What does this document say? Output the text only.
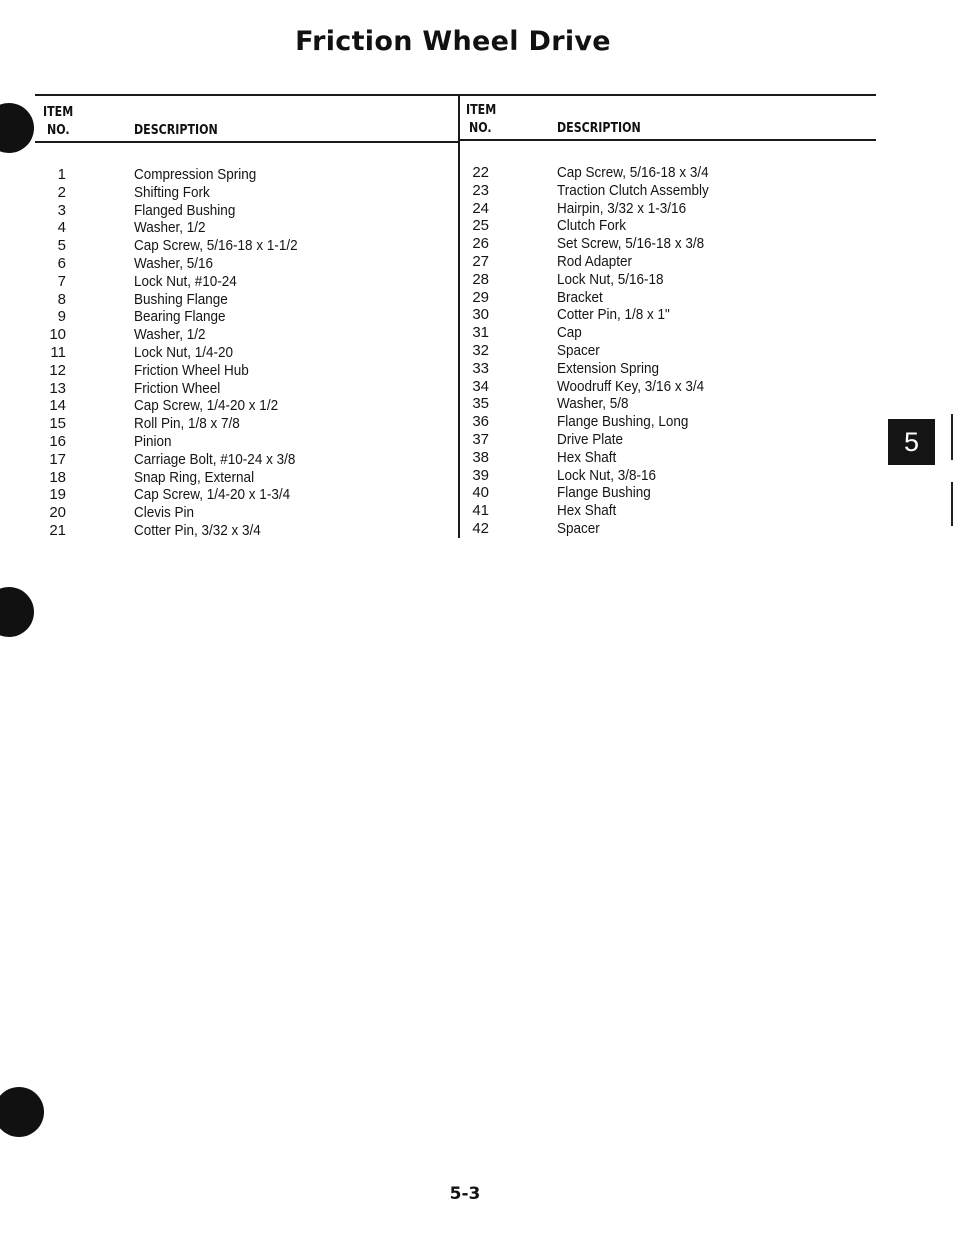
Friction Wheel Drive
ITEM
NO.	DESCRIPTION
ITEM
NO.	DESCRIPTION
1
2
3
4
5
6
7
8
9
10
11
12
13
14
15
16
17
18
19
20
21
Compression Spring
Shifting Fork
Flanged Bushing
Washer, 1/2
Cap Screw, 5/16-18 x 1-1/2
Washer, 5/16
Lock Nut, #10-24
Bushing Flange
Bearing Flange
Washer, 1/2
Lock Nut, 1/4-20
Friction Wheel Hub
Friction Wheel
Cap Screw, 1/4-20 x 1/2
Roll Pin, 1/8 x 7/8
Pinion
Carriage Bolt, #10-24 x 3/8
Snap Ring, External
Cap Screw, 1/4-20 x 1-3/4
Clevis Pin
Cotter Pin, 3/32 x 3/4
22
23
24
25
26
27
28
29
30
31
32
33
34
35
36
37
38
39
40
41
42
Cap Screw, 5/16-18 x 3/4
Traction Clutch Assembly
Hairpin, 3/32 x 1-3/16
Clutch Fork
Set Screw, 5/16-18 x 3/8
Rod Adapter
Lock Nut, 5/16-18
Bracket
Cotter Pin, 1/8 x 1"
Cap
Spacer
Extension Spring
Woodruff Key, 3/16 x 3/4
Washer, 5/8
Flange Bushing, Long
Drive Plate
Hex Shaft
Lock Nut, 3/8-16
Flange Bushing
Hex Shaft
Spacer
5
5-3
